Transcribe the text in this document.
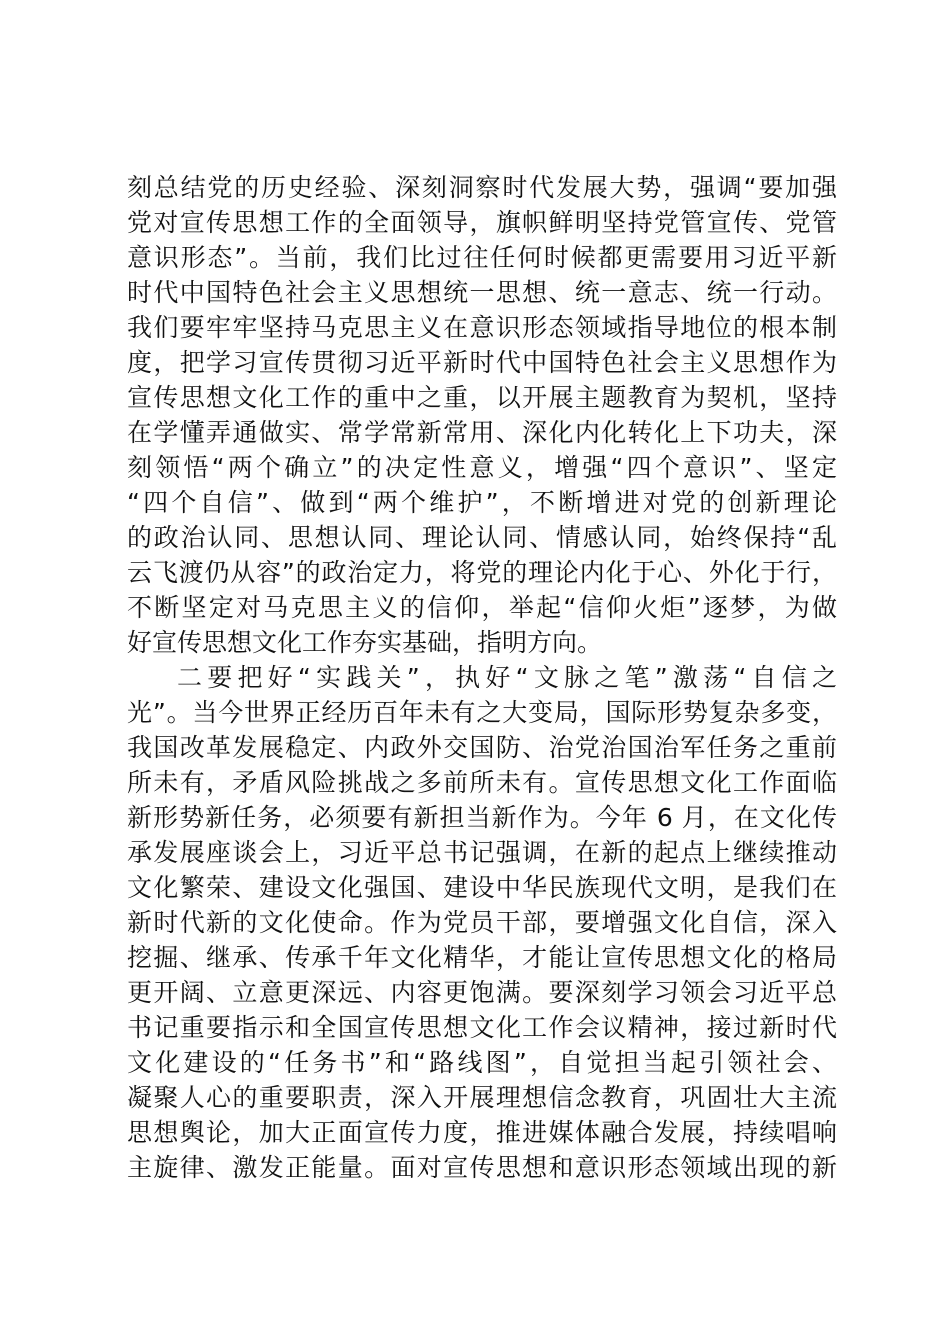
刻总结党的历史经验、深刻洞察时代发展大势，强调“要加强
党对宣传思想工作的全面领导，旗帜鲜明坚持党管宣传、党管
意识形态”。当前，我们比过往任何时候都更需要用习近平新
时代中国特色社会主义思想统一思想、统一意志、统一行动。
我们要牢牢坚持马克思主义在意识形态领域指导地位的根本制
度，把学习宣传贯彻习近平新时代中国特色社会主义思想作为
宣传思想文化工作的重中之重，以开展主题教育为契机，坚持
在学懂弄通做实、常学常新常用、深化内化转化上下功夫，深
刻领悟“两个确立”的决定性意义，增强“四个意识”、坚定
“四个自信”、做到“两个维护”，不断增进对党的创新理论
的政治认同、思想认同、理论认同、情感认同，始终保持“乱
云飞渡仍从容”的政治定力，将党的理论内化于心、外化于行，
不断坚定对马克思主义的信仰，举起“信仰火炬”逐梦，为做
好宣传思想文化工作夯实基础，指明方向。
二要把好“实践关”，执好“文脉之笔”激荡“自信之
光”。当今世界正经历百年未有之大变局，国际形势复杂多变，
我国改革发展稳定、内政外交国防、治党治国治军任务之重前
所未有，矛盾风险挑战之多前所未有。宣传思想文化工作面临
新形势新任务，必须要有新担当新作为。今年 6 月，在文化传
承发展座谈会上，习近平总书记强调，在新的起点上继续推动
文化繁荣、建设文化强国、建设中华民族现代文明，是我们在
新时代新的文化使命。作为党员干部，要增强文化自信，深入
挖掘、继承、传承千年文化精华，才能让宣传思想文化的格局
更开阔、立意更深远、内容更饱满。要深刻学习领会习近平总
书记重要指示和全国宣传思想文化工作会议精神，接过新时代
文化建设的“任务书”和“路线图”，自觉担当起引领社会、
凝聚人心的重要职责，深入开展理想信念教育，巩固壮大主流
思想舆论，加大正面宣传力度，推进媒体融合发展，持续唱响
主旋律、激发正能量。面对宣传思想和意识形态领域出现的新
